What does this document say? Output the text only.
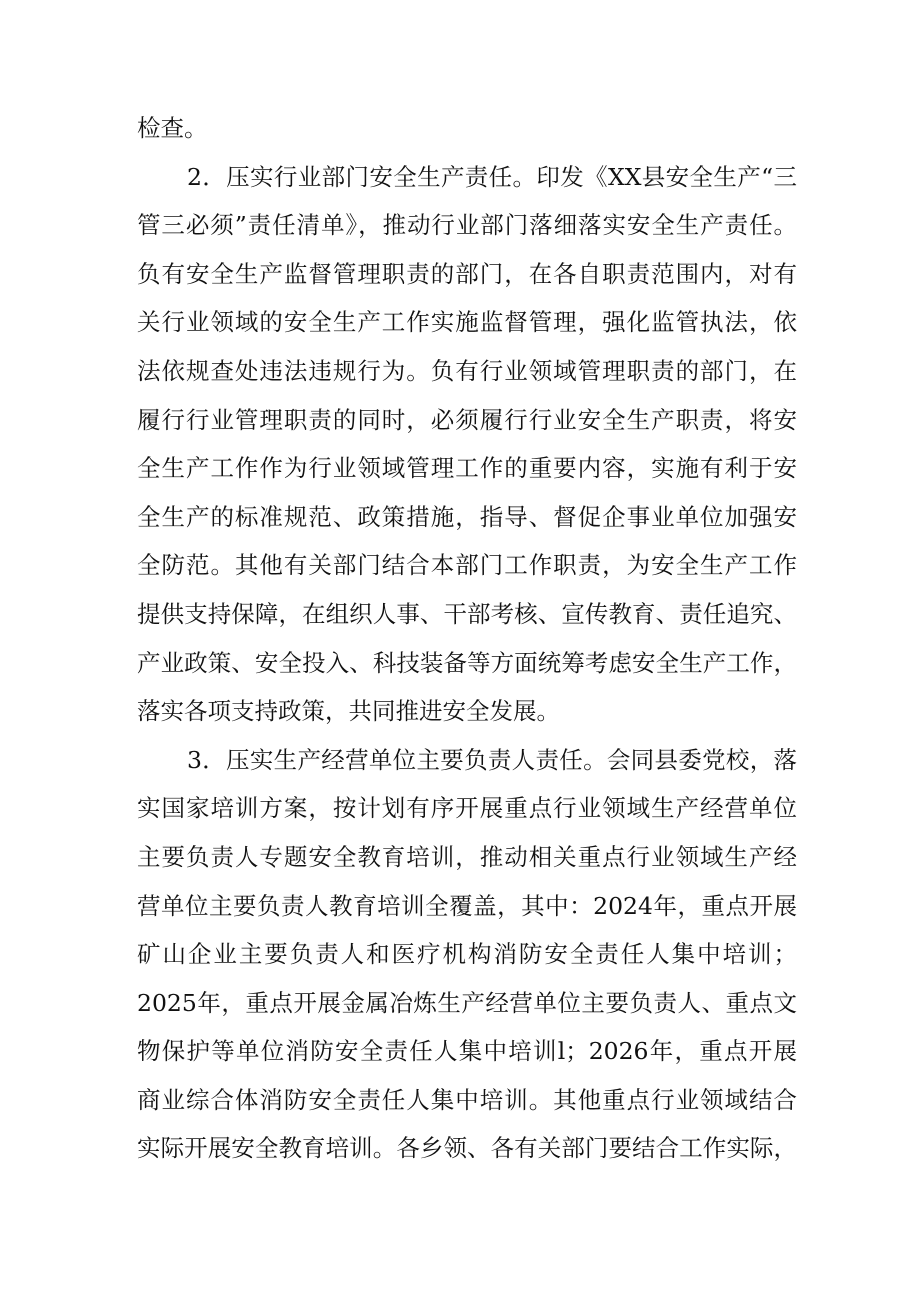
检查。
2．压实行业部门安全生产责任。印发《XX县安全生产“三
管三必须”责任清单》，推动行业部门落细落实安全生产责任。
负有安全生产监督管理职责的部门，在各自职责范围内，对有
关行业领域的安全生产工作实施监督管理，强化监管执法，依
法依规查处违法违规行为。负有行业领域管理职责的部门，在
履行行业管理职责的同时，必须履行行业安全生产职责，将安
全生产工作作为行业领域管理工作的重要内容，实施有利于安
全生产的标准规范、政策措施，指导、督促企事业单位加强安
全防范。其他有关部门结合本部门工作职责，为安全生产工作
提供支持保障，在组织人事、干部考核、宣传教育、责任追究、
产业政策、安全投入、科技装备等方面统筹考虑安全生产工作，
落实各项支持政策，共同推进安全发展。
3．压实生产经营单位主要负责人责任。会同县委党校，落
实国家培训方案，按计划有序开展重点行业领域生产经营单位
主要负责人专题安全教育培训，推动相关重点行业领域生产经
营单位主要负责人教育培训全覆盖，其中：2024年，重点开展
矿山企业主要负责人和医疗机构消防安全责任人集中培训；
2025年，重点开展金属冶炼生产经营单位主要负责人、重点文
物保护等单位消防安全责任人集中培训l；2026年，重点开展
商业综合体消防安全责任人集中培训。其他重点行业领域结合
实际开展安全教育培训。各乡领、各有关部门要结合工作实际，
